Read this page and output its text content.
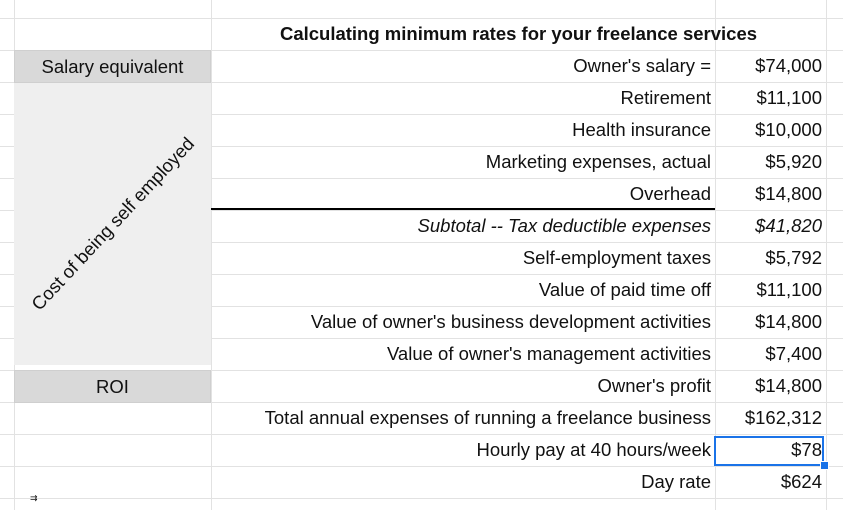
Salary equivalent
Cost of being self employed
ROI
⇉
Calculating minimum rates for your freelance services
Owner's salary =
Retirement
Health insurance
Marketing expenses, actual
Overhead
Subtotal -- Tax deductible expenses
Self-employment taxes
Value of paid time off
Value of owner's business development activities
Value of owner's management activities
Owner's profit
Total annual expenses of running a freelance business
Hourly pay at 40 hours/week
Day rate
$74,000
$11,100
$10,000
$5,920
$14,800
$41,820
$5,792
$11,100
$14,800
$7,400
$14,800
$162,312
$78
$624
